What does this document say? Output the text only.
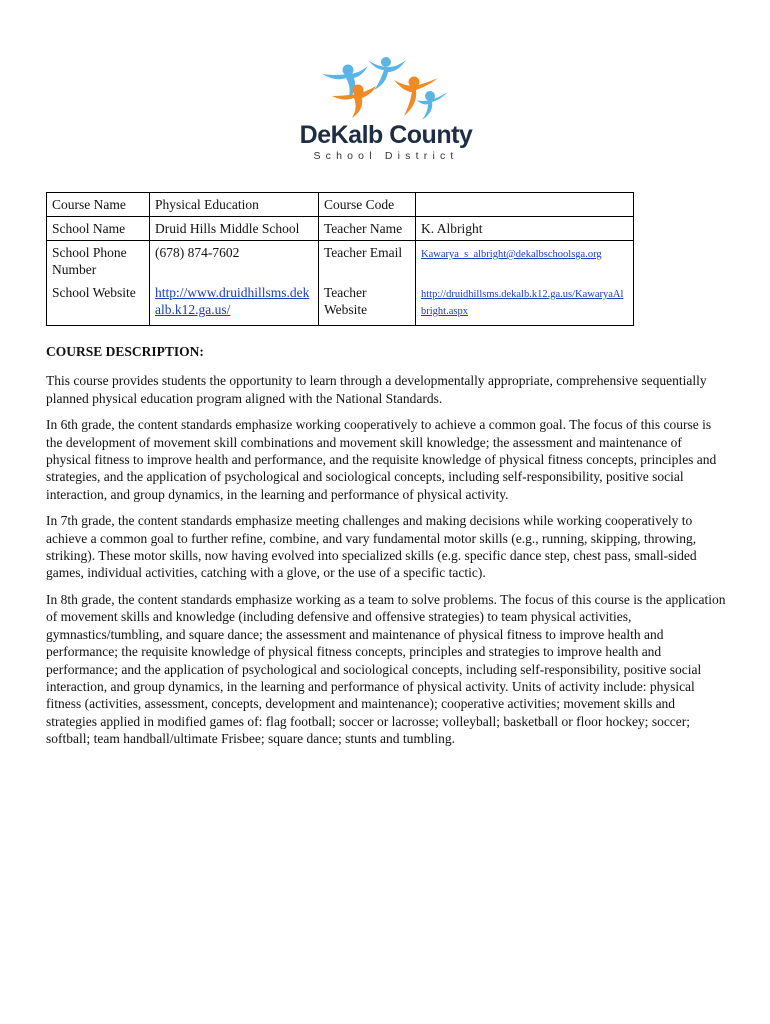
DeKalb County
School District
Course Name	Physical Education	Course Code	
School Name	Druid Hills Middle School	Teacher Name	K. Albright
School Phone Number	(678) 874-7602	Teacher Email	Kawarya_s_albright@dekalbschoolsga.org
School Website	http://www.druidhillsms.dekalb.k12.ga.us/	Teacher Website	http://druidhillsms.dekalb.k12.ga.us/KawaryaAlbright.aspx
COURSE DESCRIPTION:

This course provides students the opportunity to learn through a developmentally appropriate, comprehensive sequentially planned physical education program aligned with the National Standards.

In 6th grade, the content standards emphasize working cooperatively to achieve a common goal. The focus of this course is the development of movement skill combinations and movement skill knowledge; the assessment and maintenance of physical fitness to improve health and performance, and the requisite knowledge of physical fitness concepts, principles and strategies, and the application of psychological and sociological concepts, including self-responsibility, positive social interaction, and group dynamics, in the learning and performance of physical activity.

In 7th grade, the content standards emphasize meeting challenges and making decisions while working cooperatively to achieve a common goal to further refine, combine, and vary fundamental motor skills (e.g., running, skipping, throwing, striking). These motor skills, now having evolved into specialized skills (e.g. specific dance step, chest pass, small-sided games, individual activities, catching with a glove, or the use of a specific tactic).

In 8th grade, the content standards emphasize working as a team to solve problems. The focus of this course is the application of movement skills and knowledge (including defensive and offensive strategies) to team physical activities, gymnastics/tumbling, and square dance; the assessment and maintenance of physical fitness to improve health and performance; the requisite knowledge of physical fitness concepts, principles and strategies to improve health and performance; and the application of psychological and sociological concepts, including self-responsibility, positive social interaction, and group dynamics, in the learning and performance of physical activity. Units of activity include: physical fitness (activities, assessment, concepts, development and maintenance); cooperative activities; movement skills and strategies applied in modified games of: flag football; soccer or lacrosse; volleyball; basketball or floor hockey; soccer; softball; team handball/ultimate Frisbee; square dance; stunts and tumbling.
